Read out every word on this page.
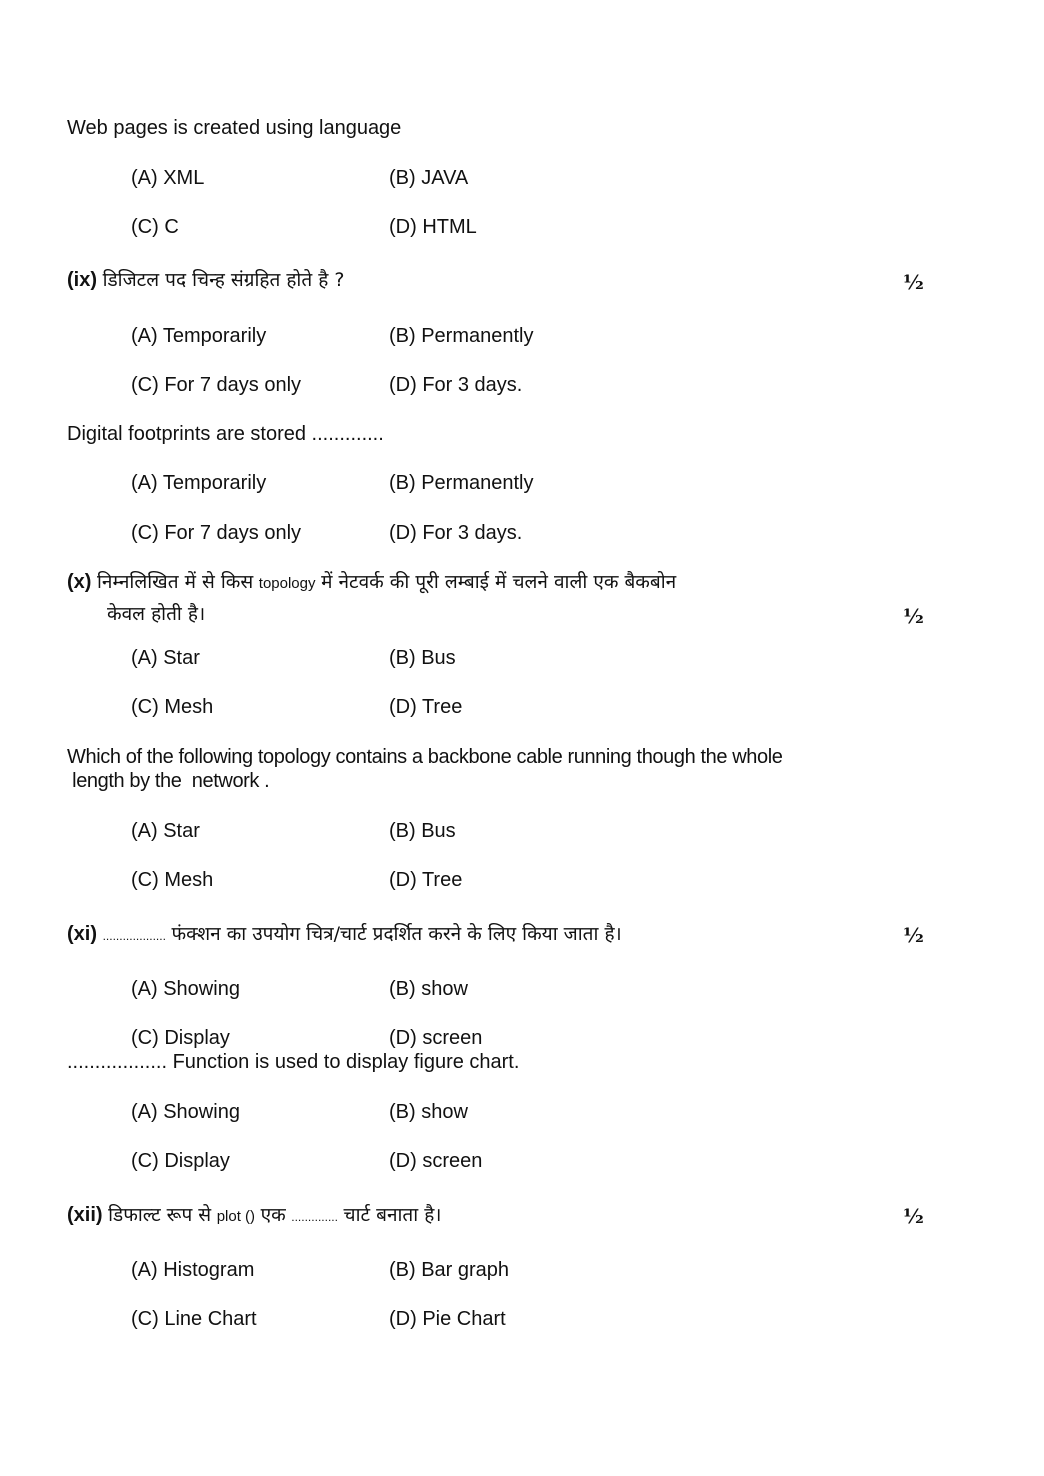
Web pages is created using language
(A) XML	(B) JAVA
(C) C	(D) HTML
(ix) डिजिटल पद चिन्ह संग्रहित होते है ?	½
(A) Temporarily	(B) Permanently
(C) For 7 days only	(D) For 3 days.
Digital footprints are stored .............
(A) Temporarily	(B) Permanently
(C) For 7 days only	(D) For 3 days.
(x) निम्नलिखित में से किस topology में नेटवर्क की पूरी लम्बाई में चलने वाली एक बैकबोन
केवल होती है।	½
(A) Star	(B) Bus
(C) Mesh	(D) Tree
Which of the following topology contains a backbone cable running though the whole
length by the  network .
(A) Star	(B) Bus
(C) Mesh	(D) Tree
(xi) ................... फंक्शन का उपयोग चित्र/चार्ट प्रदर्शित करने के लिए किया जाता है।	½
(A) Showing	(B) show
(C) Display	(D) screen
.................. Function is used to display figure chart.
(A) Showing	(B) show
(C) Display	(D) screen
(xii) डिफाल्ट रूप से plot () एक .............. चार्ट बनाता है।	½
(A) Histogram	(B) Bar graph
(C) Line Chart	(D) Pie Chart
